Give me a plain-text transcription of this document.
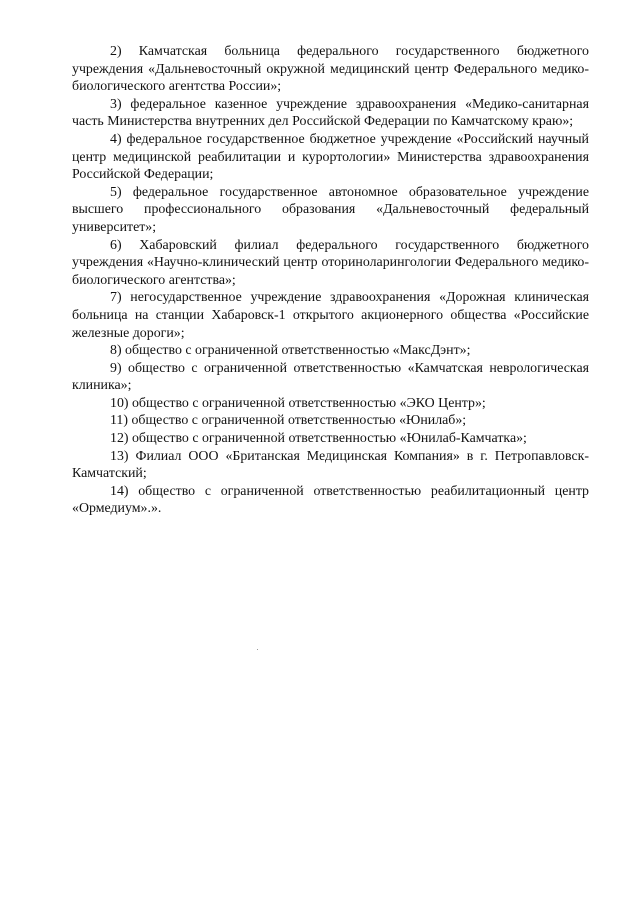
2) Камчатская больница федерального государственного бюджетного учреждения «Дальневосточный окружной медицинский центр Федерального медико-биологического агентства России»;

3) федеральное казенное учреждение здравоохранения «Медико-санитарная часть Министерства внутренних дел Российской Федерации по Камчатскому краю»;

4) федеральное государственное бюджетное учреждение «Российский научный центр медицинской реабилитации и курортологии» Министерства здравоохранения Российской Федерации;

5) федеральное государственное автономное образовательное учреждение высшего профессионального образования «Дальневосточный федеральный университет»;

6) Хабаровский филиал федерального государственного бюджетного учреждения «Научно-клинический центр оториноларингологии Федерального медико-биологического агентства»;

7) негосударственное учреждение здравоохранения «Дорожная клиническая больница на станции Хабаровск-1 открытого акционерного общества «Российские железные дороги»;

8) общество с ограниченной ответственностью «МаксДэнт»;

9) общество с ограниченной ответственностью «Камчатская неврологическая клиника»;

10) общество с ограниченной ответственностью «ЭКО Центр»;

11) общество с ограниченной ответственностью «Юнилаб»;

12) общество с ограниченной ответственностью «Юнилаб-Камчатка»;

13) Филиал ООО «Британская Медицинская Компания» в г. Петропавловск-Камчатский;

14) общество с ограниченной ответственностью реабилитационный центр «Ормедиум».».
